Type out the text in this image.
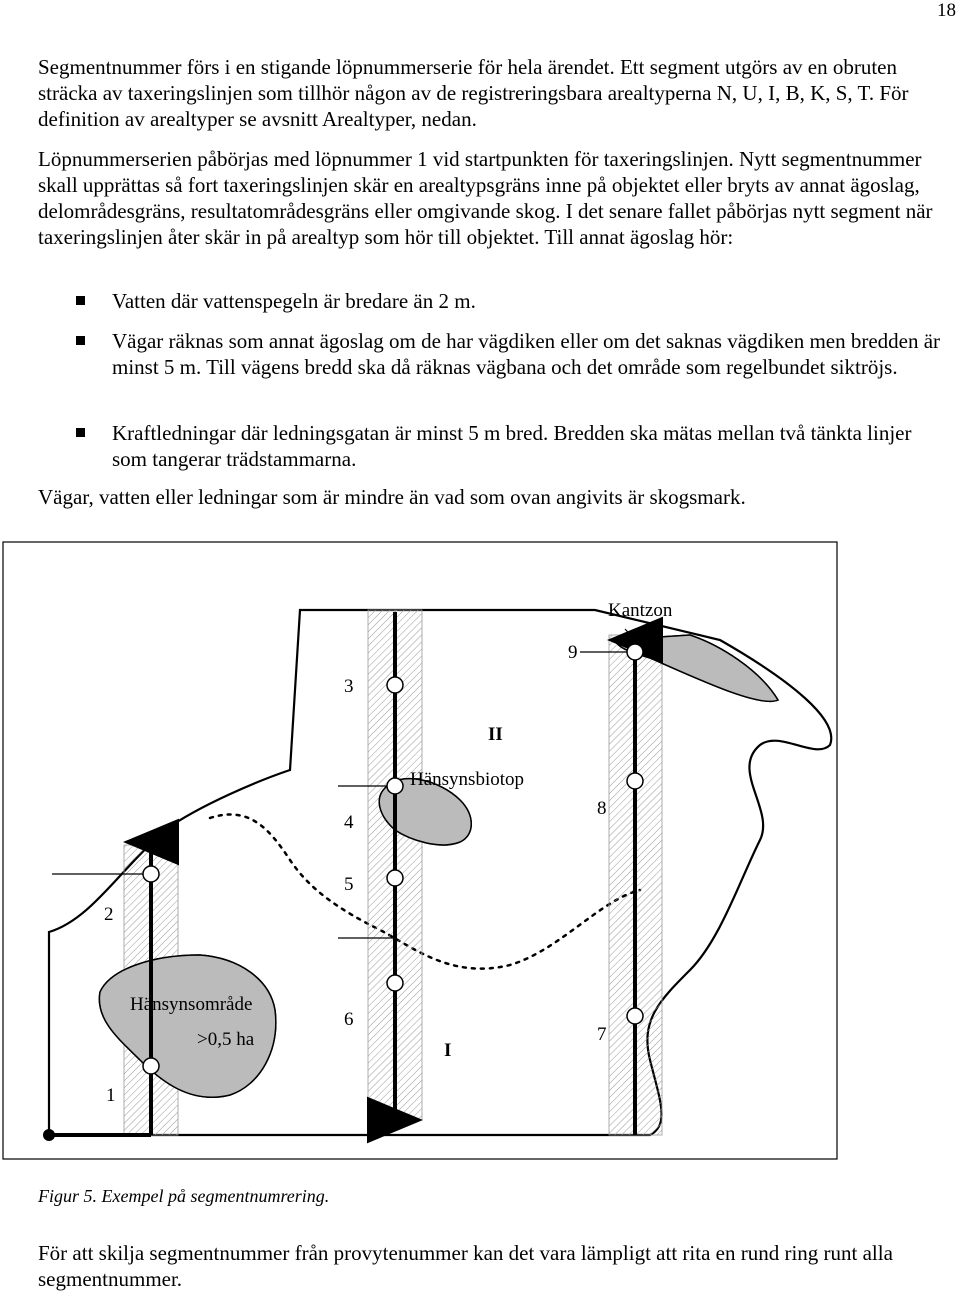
18

Segmentnummer förs i en stigande löpnummerserie för hela ärendet. Ett segment utgörs av en obruten sträcka av taxeringslinjen som tillhör någon av de registreringsbara arealtyperna N, U, I, B, K, S, T. För definition av arealtyper se avsnitt Arealtyper, nedan.

Löpnummerserien påbörjas med löpnummer 1 vid startpunkten för taxeringslinjen. Nytt segmentnummer skall upprättas så fort taxeringslinjen skär en arealtypsgräns inne på objektet eller bryts av annat ägoslag, delområdesgräns, resultatområdesgräns eller omgivande skog. I det senare fallet påbörjas nytt segment när taxeringslinjen åter skär in på arealtyp som hör till objektet. Till annat ägoslag hör:

Vatten där vattenspegeln är bredare än 2 m.

Vägar räknas som annat ägoslag om de har vägdiken eller om det saknas vägdiken men bredden är minst 5 m. Till vägens bredd ska då räknas vägbana och det område som regelbundet siktröjs.

Kraftledningar där ledningsgatan är minst 5 m bred. Bredden ska mätas mellan två tänkta linjer som tangerar trädstammarna.

Vägar, vatten eller ledningar som är mindre än vad som ovan angivits är skogsmark.

Kantzon
9
3
II
Hänsynsbiotop
4
8
5
2
Hänsynsområde
>0,5 ha
6
7
I
1
Figur 5. Exempel på segmentnumrering.

För att skilja segmentnummer från provytenummer kan det vara lämpligt att rita en rund ring runt alla segmentnummer.
